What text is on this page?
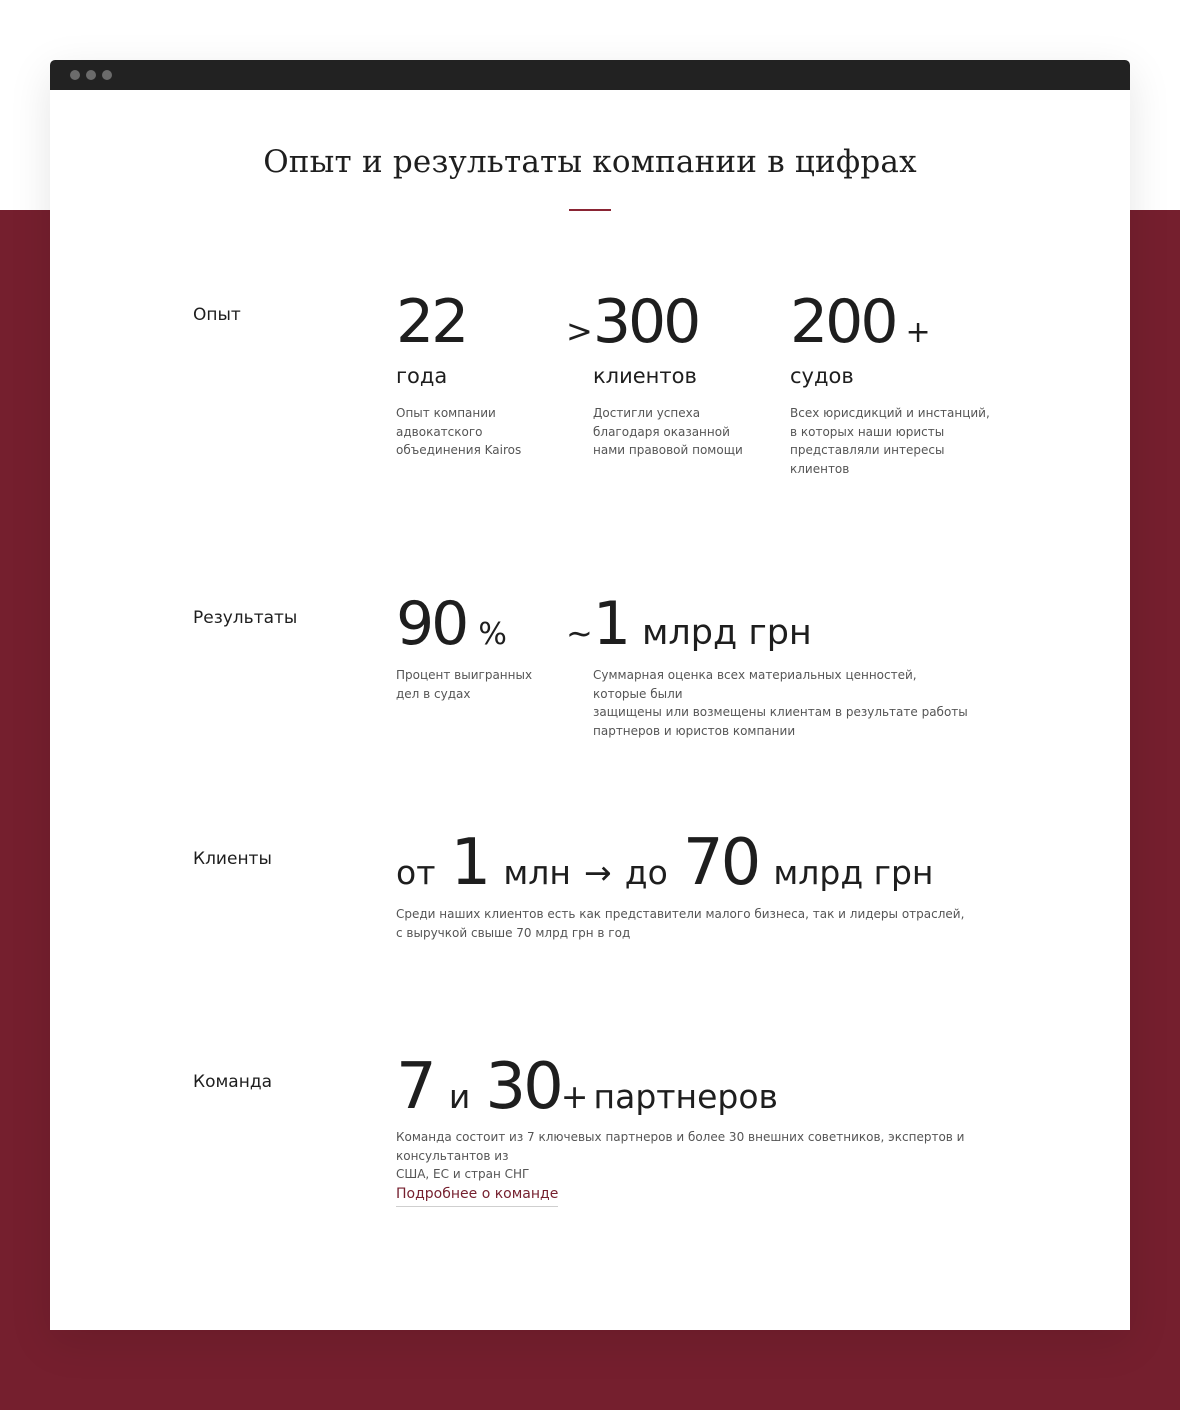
Опыт и результаты компании в цифрах
Опыт	22
года
Опыт компании
адвокатского
объединения Kairos
>300
клиентов
Достигли успеха
благодаря оказанной
нами правовой помощи
200 +
судов
Всех юрисдикций и инстанций,
в которых наши юристы
представляли интересы
клиентов
Результаты 90 %
Процент выигранных
дел в судах
~1 млрд грн
Суммарная оценка всех материальных ценностей, которые были
защищены или возмещены клиентам в результате работы
партнеров и юристов компании
Клиенты	от 1 млн → до 70 млрд грн
Среди наших клиентов есть как представители малого бизнеса, так и лидеры отраслей,
с выручкой свыше 70 млрд грн в год
Команда 7 и 30+ партнеров
Команда состоит из 7 ключевых партнеров и более 30 внешних советников, экспертов и консультантов из
США, ЕС и стран СНГ
Подробнее о команде
